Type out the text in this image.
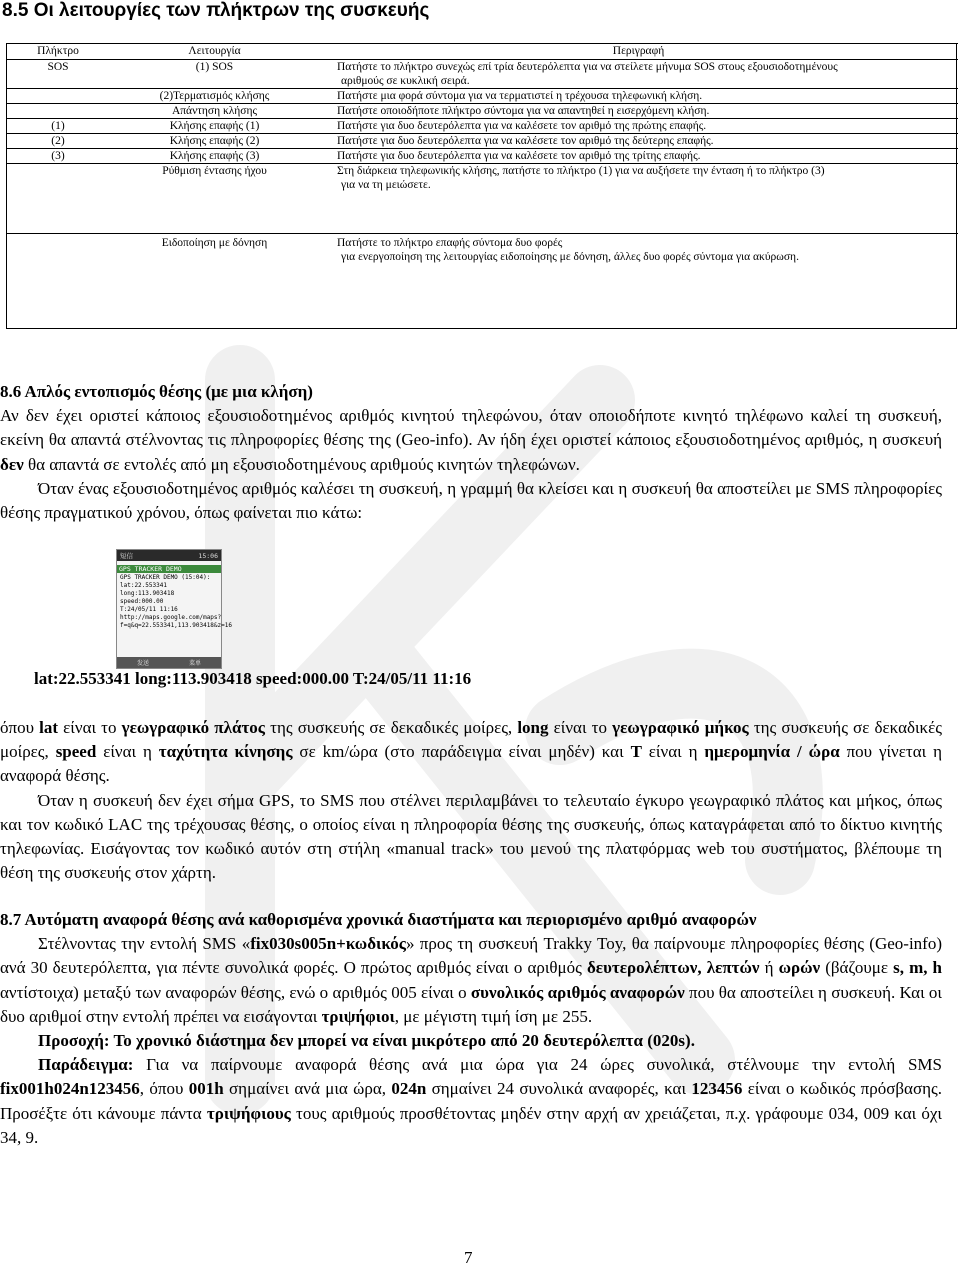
8.5 Οι λειτουργίες των πλήκτρων της συσκευής
Πλήκτρο	Λειτουργία	Περιγραφή
SOS	(1) SOS	Πατήστε το πλήκτρο συνεχώς επί τρία δευτερόλεπτα για να στείλετε μήνυμα SOS στους εξουσιοδοτημένους
αριθμούς σε κυκλική σειρά.

	(2)Τερματισμός κλήσης	Πατήστε μια φορά σύντομα για να τερματιστεί η τρέχουσα τηλεφωνική κλήση.

	Απάντηση κλήσης	Πατήστε οποιοδήποτε πλήκτρο σύντομα για να απαντηθεί η εισερχόμενη κλήση.

(1)	Κλήσης επαφής (1)	Πατήστε για δυο δευτερόλεπτα για να καλέσετε τον αριθμό της πρώτης επαφής.

(2)	Κλήσης επαφής (2)	Πατήστε για δυο δευτερόλεπτα για να καλέσετε τον αριθμό της δεύτερης επαφής.

(3)	Κλήσης επαφής (3)	Πατήστε για δυο δευτερόλεπτα για να καλέσετε τον αριθμό της τρίτης επαφής.

	Ρύθμιση έντασης ήχου	Στη διάρκεια τηλεφωνικής κλήσης, πατήστε το πλήκτρο (1) για να αυξήσετε την ένταση ή το πλήκτρο (3)
για να τη μειώσετε.

	Ειδοποίηση με δόνηση	Πατήστε το πλήκτρο επαφής σύντομα δυο φορές
για ενεργοποίηση της λειτουργίας ειδοποίησης με δόνηση, άλλες δυο φορές σύντομα για ακύρωση.
8.6 Απλός εντοπισμός θέσης (με μια κλήση)
Αν δεν έχει οριστεί κάποιος εξουσιοδοτημένος αριθμός κινητού τηλεφώνου, όταν οποιοδήποτε κινητό τηλέφωνο καλεί τη συσκευή, εκείνη θα απαντά στέλνοντας τις πληροφορίες θέσης της (Geo-info). Αν ήδη έχει οριστεί κάποιος εξουσιοδοτημένος αριθμός, η συσκευή δεν θα απαντά σε εντολές από μη εξουσιοδοτημένους αριθμούς κινητών τηλεφώνων.
Όταν ένας εξουσιοδοτημένος αριθμός καλέσει τη συσκευή, η γραμμή θα κλείσει και η συσκευή θα αποστείλει με SMS πληροφορίες θέσης πραγματικού χρόνου, όπως φαίνεται πιο κάτω:
短信	15:06
GPS TRACKER DEMO
GPS TRACKER DEMO (15:04):
lat:22.553341 long:113.903418 speed:000.00
T:24/05/11 11:16
http://maps.google.com/maps?
f=q&q=22.553341,113.903418&z=16
发送	菜单
lat:22.553341 long:113.903418 speed:000.00 T:24/05/11 11:16
όπου lat είναι το γεωγραφικό πλάτος της συσκευής σε δεκαδικές μοίρες, long είναι το γεωγραφικό μήκος της συσκευής σε δεκαδικές μοίρες, speed είναι η ταχύτητα κίνησης σε km/ώρα (στο παράδειγμα είναι μηδέν) και T είναι η ημερομηνία / ώρα που γίνεται η αναφορά θέσης.
Όταν η συσκευή δεν έχει σήμα GPS, το SMS που στέλνει περιλαμβάνει το τελευταίο έγκυρο γεωγραφικό πλάτος και μήκος, όπως και τον κωδικό LAC της τρέχουσας θέσης, ο οποίος είναι η πληροφορία θέσης της συσκευής, όπως καταγράφεται από το δίκτυο κινητής τηλεφωνίας. Εισάγοντας τον κωδικό αυτόν στη στήλη «manual track» του μενού της πλατφόρμας web του συστήματος, βλέπουμε τη θέση της συσκευής στον χάρτη.
8.7 Αυτόματη αναφορά θέσης ανά καθορισμένα χρονικά διαστήματα και περιορισμένο αριθμό αναφορών
Στέλνοντας την εντολή SMS «fix030s005n+κωδικός» προς τη συσκευή Trakky Toy, θα παίρνουμε πληροφορίες θέσης (Geo-info) ανά 30 δευτερόλεπτα, για πέντε συνολικά φορές. Ο πρώτος αριθμός είναι ο αριθμός δευτερολέπτων, λεπτών ή ωρών (βάζουμε s, m, h αντίστοιχα) μεταξύ των αναφορών θέσης, ενώ ο αριθμός 005 είναι ο συνολικός αριθμός αναφορών που θα αποστείλει η συσκευή. Και οι δυο αριθμοί στην εντολή πρέπει να εισάγονται τριψήφιοι, με μέγιστη τιμή ίση με 255.
Προσοχή: Το χρονικό διάστημα δεν μπορεί να είναι μικρότερο από 20 δευτερόλεπτα (020s).
Παράδειγμα: Για να παίρνουμε αναφορά θέσης ανά μια ώρα για 24 ώρες συνολικά, στέλνουμε την εντολή SMS fix001h024n123456, όπου 001h σημαίνει ανά μια ώρα, 024n σημαίνει 24 συνολικά αναφορές, και 123456 είναι ο κωδικός πρόσβασης. Προσέξτε ότι κάνουμε πάντα τριψήφιους τους αριθμούς προσθέτοντας μηδέν στην αρχή αν χρειάζεται, π.χ. γράφουμε 034, 009 και όχι 34, 9.
7
